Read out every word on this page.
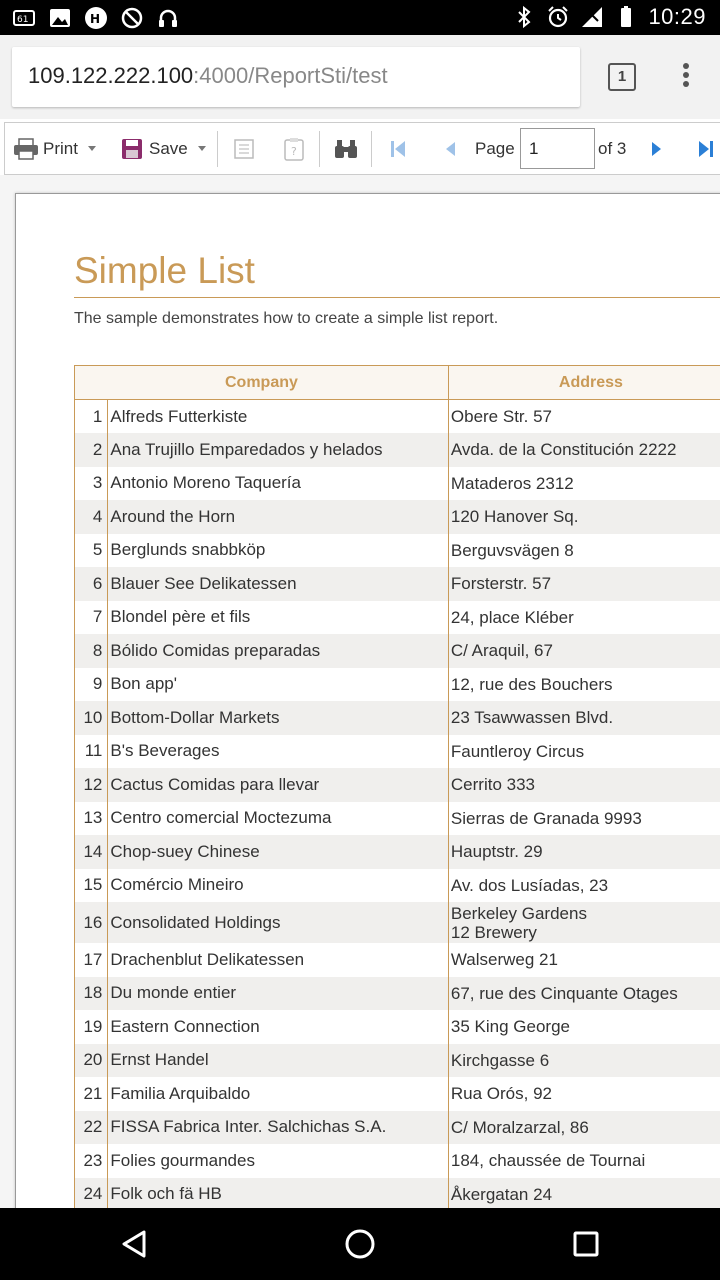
61	H	10:29
109.122.222.100:4000/ReportSti/test	1
Print	Save	?	Page 1	of 3
Simple List
The sample demonstrates how to create a simple list report.
Company		Address
1	Alfreds Futterkiste	Obere Str. 57

2	Ana Trujillo Emparedados y helados	Avda. de la Constitución 2222

3	Antonio Moreno Taquería	Mataderos 2312

4	Around the Horn	120 Hanover Sq.

5	Berglunds snabbköp	Berguvsvägen 8

6	Blauer See Delikatessen	Forsterstr. 57

7	Blondel père et fils	24, place Kléber

8	Bólido Comidas preparadas	C/ Araquil, 67

9	Bon app'	12, rue des Bouchers

10	Bottom-Dollar Markets	23 Tsawwassen Blvd.

11	B's Beverages	Fauntleroy Circus

12	Cactus Comidas para llevar	Cerrito 333

13	Centro comercial Moctezuma	Sierras de Granada 9993

14	Chop-suey Chinese	Hauptstr. 29

15	Comércio Mineiro	Av. dos Lusíadas, 23

16	Consolidated Holdings	Berkeley Gardens
12 Brewery

17	Drachenblut Delikatessen	Walserweg 21

18	Du monde entier	67, rue des Cinquante Otages

19	Eastern Connection	35 King George

20	Ernst Handel	Kirchgasse 6

21	Familia Arquibaldo	Rua Orós, 92

22	FISSA Fabrica Inter. Salchichas S.A.	C/ Moralzarzal, 86

23	Folies gourmandes	184, chaussée de Tournai

24	Folk och fä HB	Åkergatan 24
